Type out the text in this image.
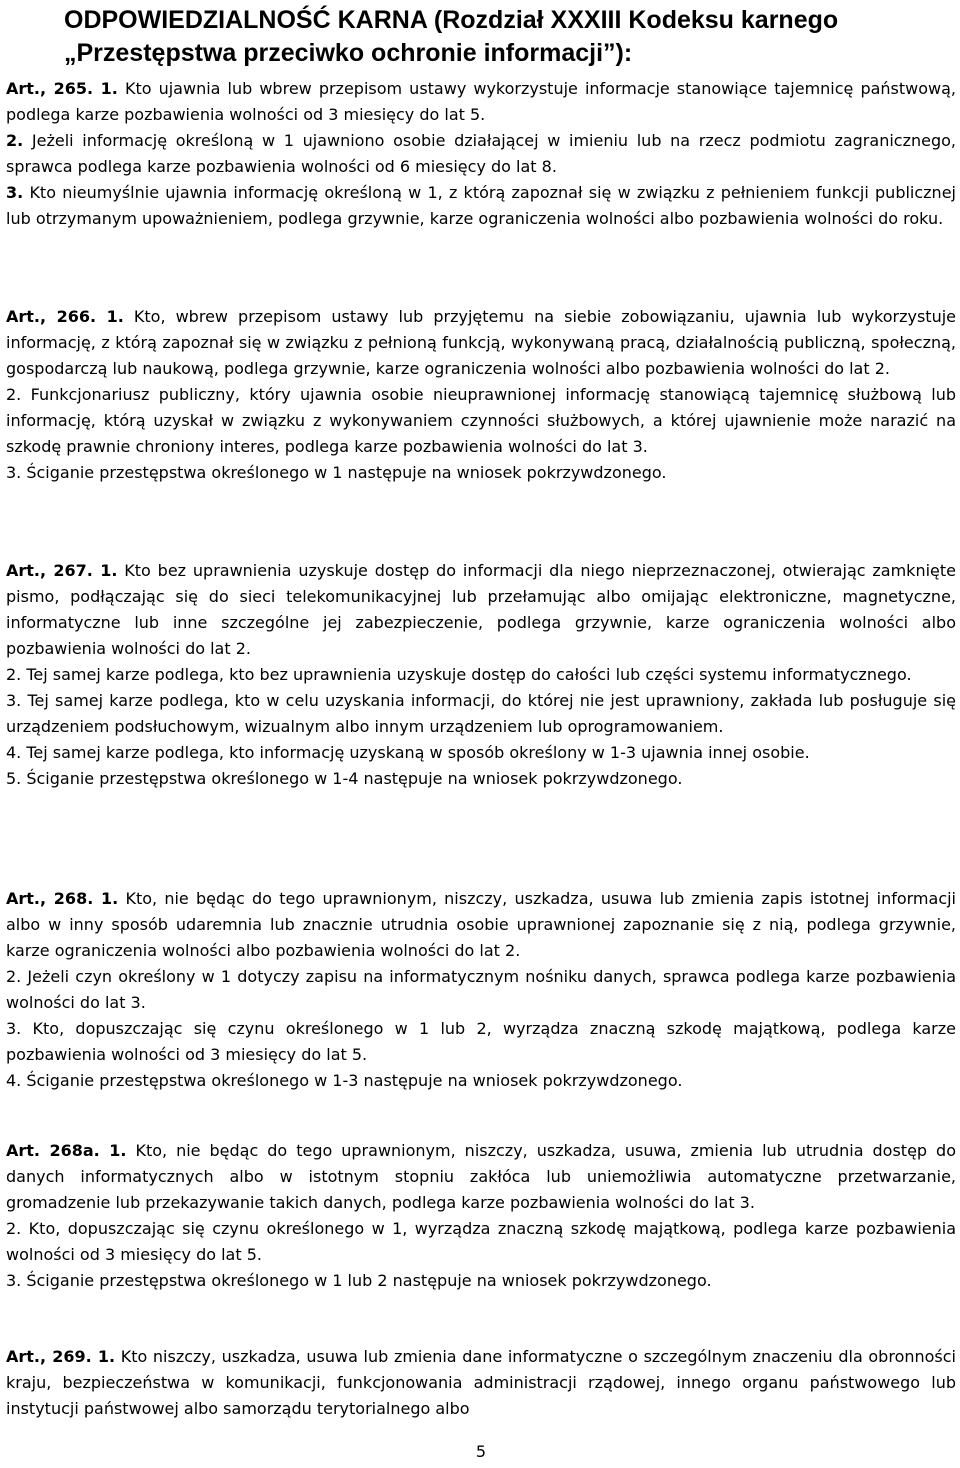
ODPOWIEDZIALNOŚĆ KARNA (Rozdział XXXIII Kodeksu karnego „Przestępstwa przeciwko ochronie informacji”):

Art., 265. 1. Kto ujawnia lub wbrew przepisom ustawy wykorzystuje informacje stanowiące tajemnicę państwową, podlega karze pozbawienia wolności od 3 miesięcy do lat 5.

2. Jeżeli informację określoną w 1 ujawniono osobie działającej w imieniu lub na rzecz podmiotu zagranicznego, sprawca podlega karze pozbawienia wolności od 6 miesięcy do lat 8.

3. Kto nieumyślnie ujawnia informację określoną w 1, z którą zapoznał się w związku z pełnieniem funkcji publicznej lub otrzymanym upoważnieniem, podlega grzywnie, karze ograniczenia wolności albo pozbawienia wolności do roku.

Art., 266. 1. Kto, wbrew przepisom ustawy lub przyjętemu na siebie zobowiązaniu, ujawnia lub wykorzystuje informację, z którą zapoznał się w związku z pełnioną funkcją, wykonywaną pracą, działalnością publiczną, społeczną, gospodarczą lub naukową, podlega grzywnie, karze ograniczenia wolności albo pozbawienia wolności do lat 2.

2. Funkcjonariusz publiczny, który ujawnia osobie nieuprawnionej informację stanowiącą tajemnicę służbową lub informację, którą uzyskał w związku z wykonywaniem czynności służbowych, a której ujawnienie może narazić na szkodę prawnie chroniony interes, podlega karze pozbawienia wolności do lat 3.

3. Ściganie przestępstwa określonego w 1 następuje na wniosek pokrzywdzonego.

Art., 267. 1. Kto bez uprawnienia uzyskuje dostęp do informacji dla niego nieprzeznaczonej, otwierając zamknięte pismo, podłączając się do sieci telekomunikacyjnej lub przełamując albo omijając elektroniczne, magnetyczne, informatyczne lub inne szczególne jej zabezpieczenie, podlega grzywnie, karze ograniczenia wolności albo pozbawienia wolności do lat 2.

2. Tej samej karze podlega, kto bez uprawnienia uzyskuje dostęp do całości lub części systemu informatycznego.

3. Tej samej karze podlega, kto w celu uzyskania informacji, do której nie jest uprawniony, zakłada lub posługuje się urządzeniem podsłuchowym, wizualnym albo innym urządzeniem lub oprogramowaniem.

4. Tej samej karze podlega, kto informację uzyskaną w sposób określony w 1-3 ujawnia innej osobie.

5. Ściganie przestępstwa określonego w 1-4 następuje na wniosek pokrzywdzonego.

Art., 268. 1. Kto, nie będąc do tego uprawnionym, niszczy, uszkadza, usuwa lub zmienia zapis istotnej informacji albo w inny sposób udaremnia lub znacznie utrudnia osobie uprawnionej zapoznanie się z nią, podlega grzywnie, karze ograniczenia wolności albo pozbawienia wolności do lat 2.

2. Jeżeli czyn określony w 1 dotyczy zapisu na informatycznym nośniku danych, sprawca podlega karze pozbawienia wolności do lat 3.

3. Kto, dopuszczając się czynu określonego w 1 lub 2, wyrządza znaczną szkodę majątkową, podlega karze pozbawienia wolności od 3 miesięcy do lat 5.

4. Ściganie przestępstwa określonego w 1-3 następuje na wniosek pokrzywdzonego.

Art. 268a. 1. Kto, nie będąc do tego uprawnionym, niszczy, uszkadza, usuwa, zmienia lub utrudnia dostęp do danych informatycznych albo w istotnym stopniu zakłóca lub uniemożliwia automatyczne przetwarzanie, gromadzenie lub przekazywanie takich danych, podlega karze pozbawienia wolności do lat 3.

2. Kto, dopuszczając się czynu określonego w 1, wyrządza znaczną szkodę majątkową, podlega karze pozbawienia wolności od 3 miesięcy do lat 5.

3. Ściganie przestępstwa określonego w 1 lub 2 następuje na wniosek pokrzywdzonego.

Art., 269. 1. Kto niszczy, uszkadza, usuwa lub zmienia dane informatyczne o szczególnym znaczeniu dla obronności kraju, bezpieczeństwa w komunikacji, funkcjonowania administracji rządowej, innego organu państwowego lub instytucji państwowej albo samorządu terytorialnego albo

5
